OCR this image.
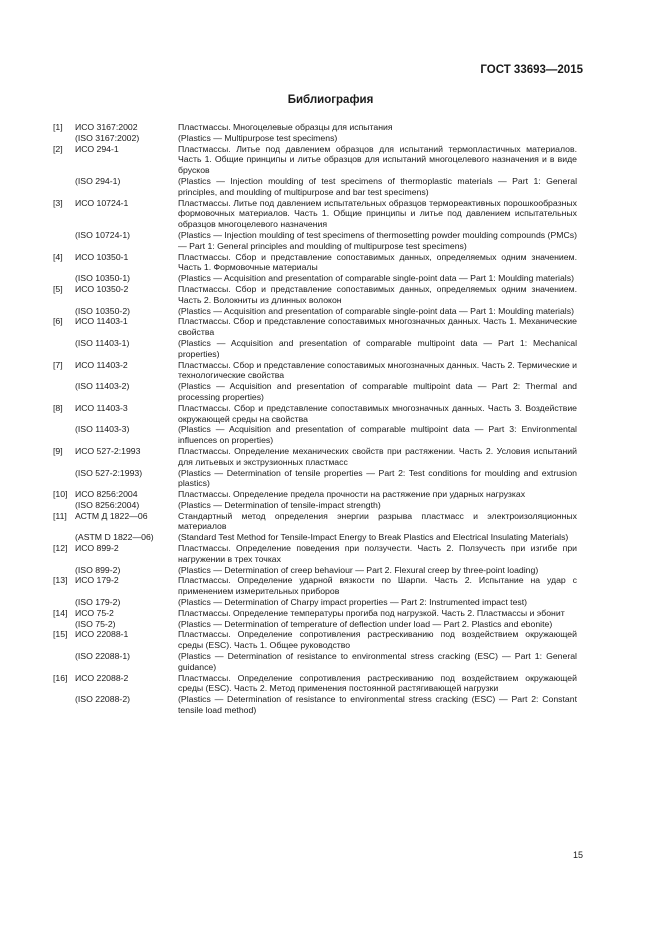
ГОСТ 33693—2015
Библиография
[1]	ИСО 3167:2002	Пластмассы. Многоцелевые образцы для испытания
(ISO 3167:2002)	(Plastics — Multipurpose test specimens)
[2]	ИСО 294-1	Пластмассы. Литье под давлением образцов для испытаний термопластичных материалов. Часть 1. Общие принципы и литье образцов для испытаний многоцелевого назначения и в виде брусков
(ISO 294-1)	(Plastics — Injection moulding of test specimens of thermoplastic materials — Part 1: General principles, and moulding of multipurpose and bar test specimens)
[3]	ИСО 10724-1	Пластмассы. Литье под давлением испытательных образцов термореактивных порошкообразных формовочных материалов. Часть 1. Общие принципы и литье под давлением испытательных образцов многоцелевого назначения
(ISO 10724-1)	(Plastics — Injection moulding of test specimens of thermosetting powder moulding compounds (PMCs) — Part 1: General principles and moulding of multipurpose test specimens)
[4]	ИСО 10350-1	Пластмассы. Сбор и представление сопоставимых данных, определяемых одним значением. Часть 1. Формовочные материалы
(ISO 10350-1)	(Plastics — Acquisition and presentation of comparable single-point data — Part 1: Moulding materials)
[5]	ИСО 10350-2	Пластмассы. Сбор и представление сопоставимых данных, определяемых одним значением. Часть 2. Волокниты из длинных волокон
(ISO 10350-2)	(Plastics — Acquisition and presentation of comparable single-point data — Part 1: Moulding materials)
[6]	ИСО 11403-1	Пластмассы. Сбор и представление сопоставимых многозначных данных. Часть 1. Механические свойства
(ISO 11403-1)	(Plastics — Acquisition and presentation of comparable multipoint data — Part 1: Mechanical properties)
[7]	ИСО 11403-2	Пластмассы. Сбор и представление сопоставимых многозначных данных. Часть 2. Термические и технологические свойства
(ISO 11403-2)	(Plastics — Acquisition and presentation of comparable multipoint data — Part 2: Thermal and processing properties)
[8]	ИСО 11403-3	Пластмассы. Сбор и представление сопоставимых многозначных данных. Часть 3. Воздействие окружающей среды на свойства
(ISO 11403-3)	(Plastics — Acquisition and presentation of comparable multipoint data — Part 3: Environmental influences on properties)
[9]	ИСО 527-2:1993	Пластмассы. Определение механических свойств при растяжении. Часть 2. Условия испытаний для литьевых и экструзионных пластмасс
(ISO 527-2:1993)	(Plastics — Determination of tensile properties — Part 2: Test conditions for moulding and extrusion plastics)
[10] ИСО 8256:2004	Пластмассы. Определение предела прочности на растяжение при ударных нагрузках
(ISO 8256:2004)	(Plastics — Determination of tensile-impact strength)
[11] АСТМ Д 1822—06	Стандартный метод определения энергии разрыва пластмасс и электроизоляционных материалов
(ASTM D 1822—06)	(Standard Test Method for Tensile-Impact Energy to Break Plastics and Electrical Insulating Materials)
[12] ИСО 899-2	Пластмассы. Определение поведения при ползучести. Часть 2. Ползучесть при изгибе при нагружении в трех точках
(ISO 899-2)	(Plastics — Determination of creep behaviour — Part 2. Flexural creep by three-point loading)
[13] ИСО 179-2	Пластмассы. Определение ударной вязкости по Шарпи. Часть 2. Испытание на удар с применением измерительных приборов
(ISO 179-2)	(Plastics — Determination of Charpy impact properties — Part 2: Instrumented impact test)
[14] ИСО 75-2	Пластмассы. Определение температуры прогиба под нагрузкой. Часть 2. Пластмассы и эбонит
(ISO 75-2)	(Plastics — Determination of temperature of deflection under load — Part 2. Plastics and ebonite)
[15] ИСО 22088-1	Пластмассы. Определение сопротивления растрескиванию под воздействием окружающей среды (ESC). Часть 1. Общее руководство
(ISO 22088-1)	(Plastics — Determination of resistance to environmental stress cracking (ESC) — Part 1: General guidance)
[16] ИСО 22088-2	Пластмассы. Определение сопротивления растрескиванию под воздействием окружающей среды (ESC). Часть 2. Метод применения постоянной растягивающей нагрузки
(ISO 22088-2)	(Plastics — Determination of resistance to environmental stress cracking (ESC) — Part 2: Constant tensile load method)
15
